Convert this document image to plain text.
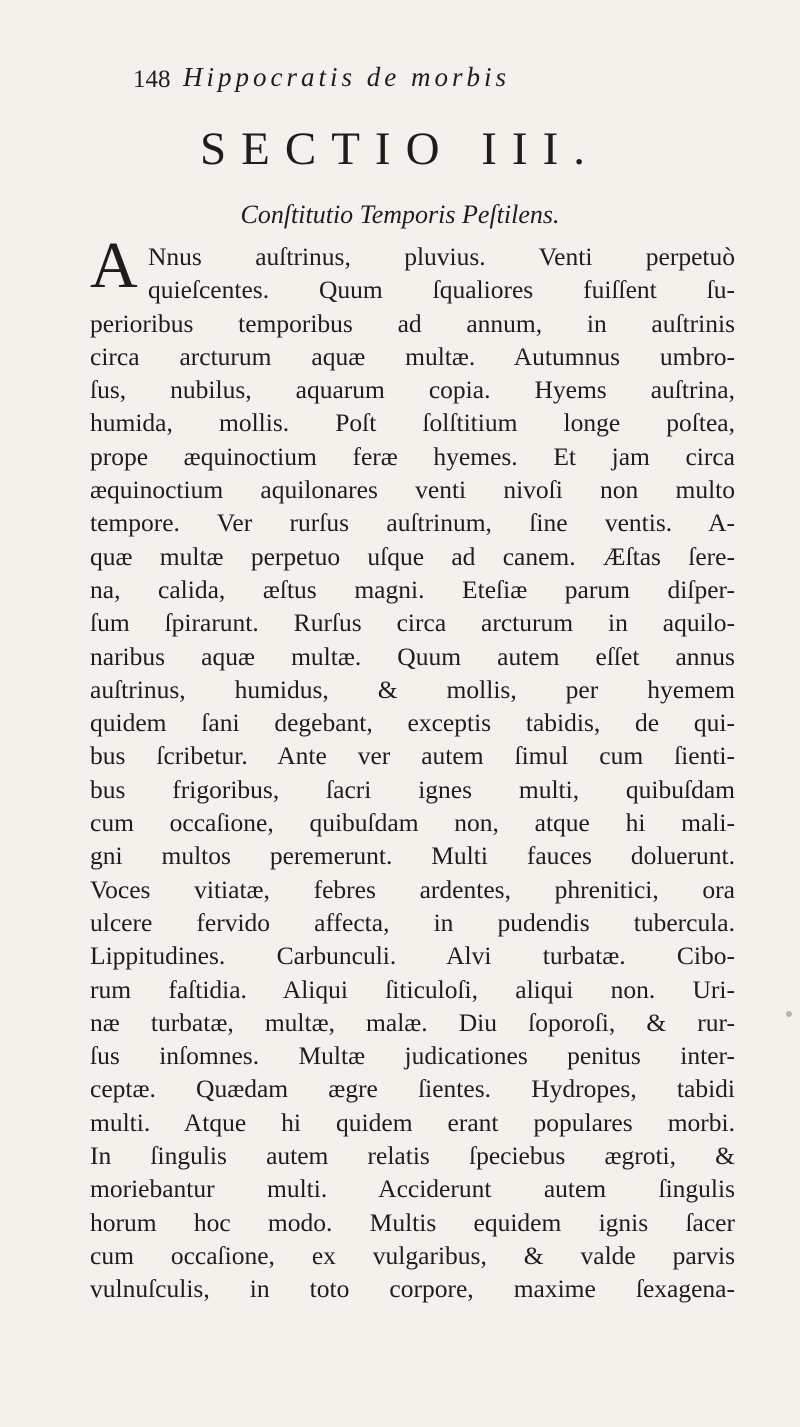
148 Hippocratis de morbis
SECTIO III.
Conſtitutio Temporis Peſtilens.
A Nnus auſtrinus, pluvius. Venti perpetuò
quieſcentes. Quum ſqualiores fuiſſent ſu-
perioribus temporibus ad annum, in auſtrinis
circa arcturum aquæ multæ. Autumnus umbro-
ſus, nubilus, aquarum copia. Hyems auſtrina,
humida, mollis. Poſt ſolſtitium longe poſtea,
prope æquinoctium feræ hyemes. Et jam circa
æquinoctium aquilonares venti nivoſi non multo
tempore. Ver rurſus auſtrinum, ſine ventis. A-
quæ multæ perpetuo uſque ad canem. Æſtas ſere-
na, calida, æſtus magni. Eteſiæ parum diſper-
ſum ſpirarunt. Rurſus circa arcturum in aquilo-
naribus aquæ multæ. Quum autem eſſet annus
auſtrinus, humidus, & mollis, per hyemem
quidem ſani degebant, exceptis tabidis, de qui-
bus ſcribetur. Ante ver autem ſimul cum ſienti-
bus frigoribus, ſacri ignes multi, quibuſdam
cum occaſione, quibuſdam non, atque hi mali-
gni multos peremerunt. Multi fauces doluerunt.
Voces vitiatæ, febres ardentes, phrenitici, ora
ulcere fervido affecta, in pudendis tubercula.
Lippitudines. Carbunculi. Alvi turbatæ. Cibo-
rum faſtidia. Aliqui ſiticuloſi, aliqui non. Uri-
næ turbatæ, multæ, malæ. Diu ſoporoſi, & rur-
ſus inſomnes. Multæ judicationes penitus inter-
ceptæ. Quædam ægre ſientes. Hydropes, tabidi
multi. Atque hi quidem erant populares morbi.
In ſingulis autem relatis ſpeciebus ægroti, &
moriebantur multi. Acciderunt autem ſingulis
horum hoc modo. Multis equidem ignis ſacer
cum occaſione, ex vulgaribus, & valde parvis
vulnuſculis, in toto corpore, maxime ſexagena-
